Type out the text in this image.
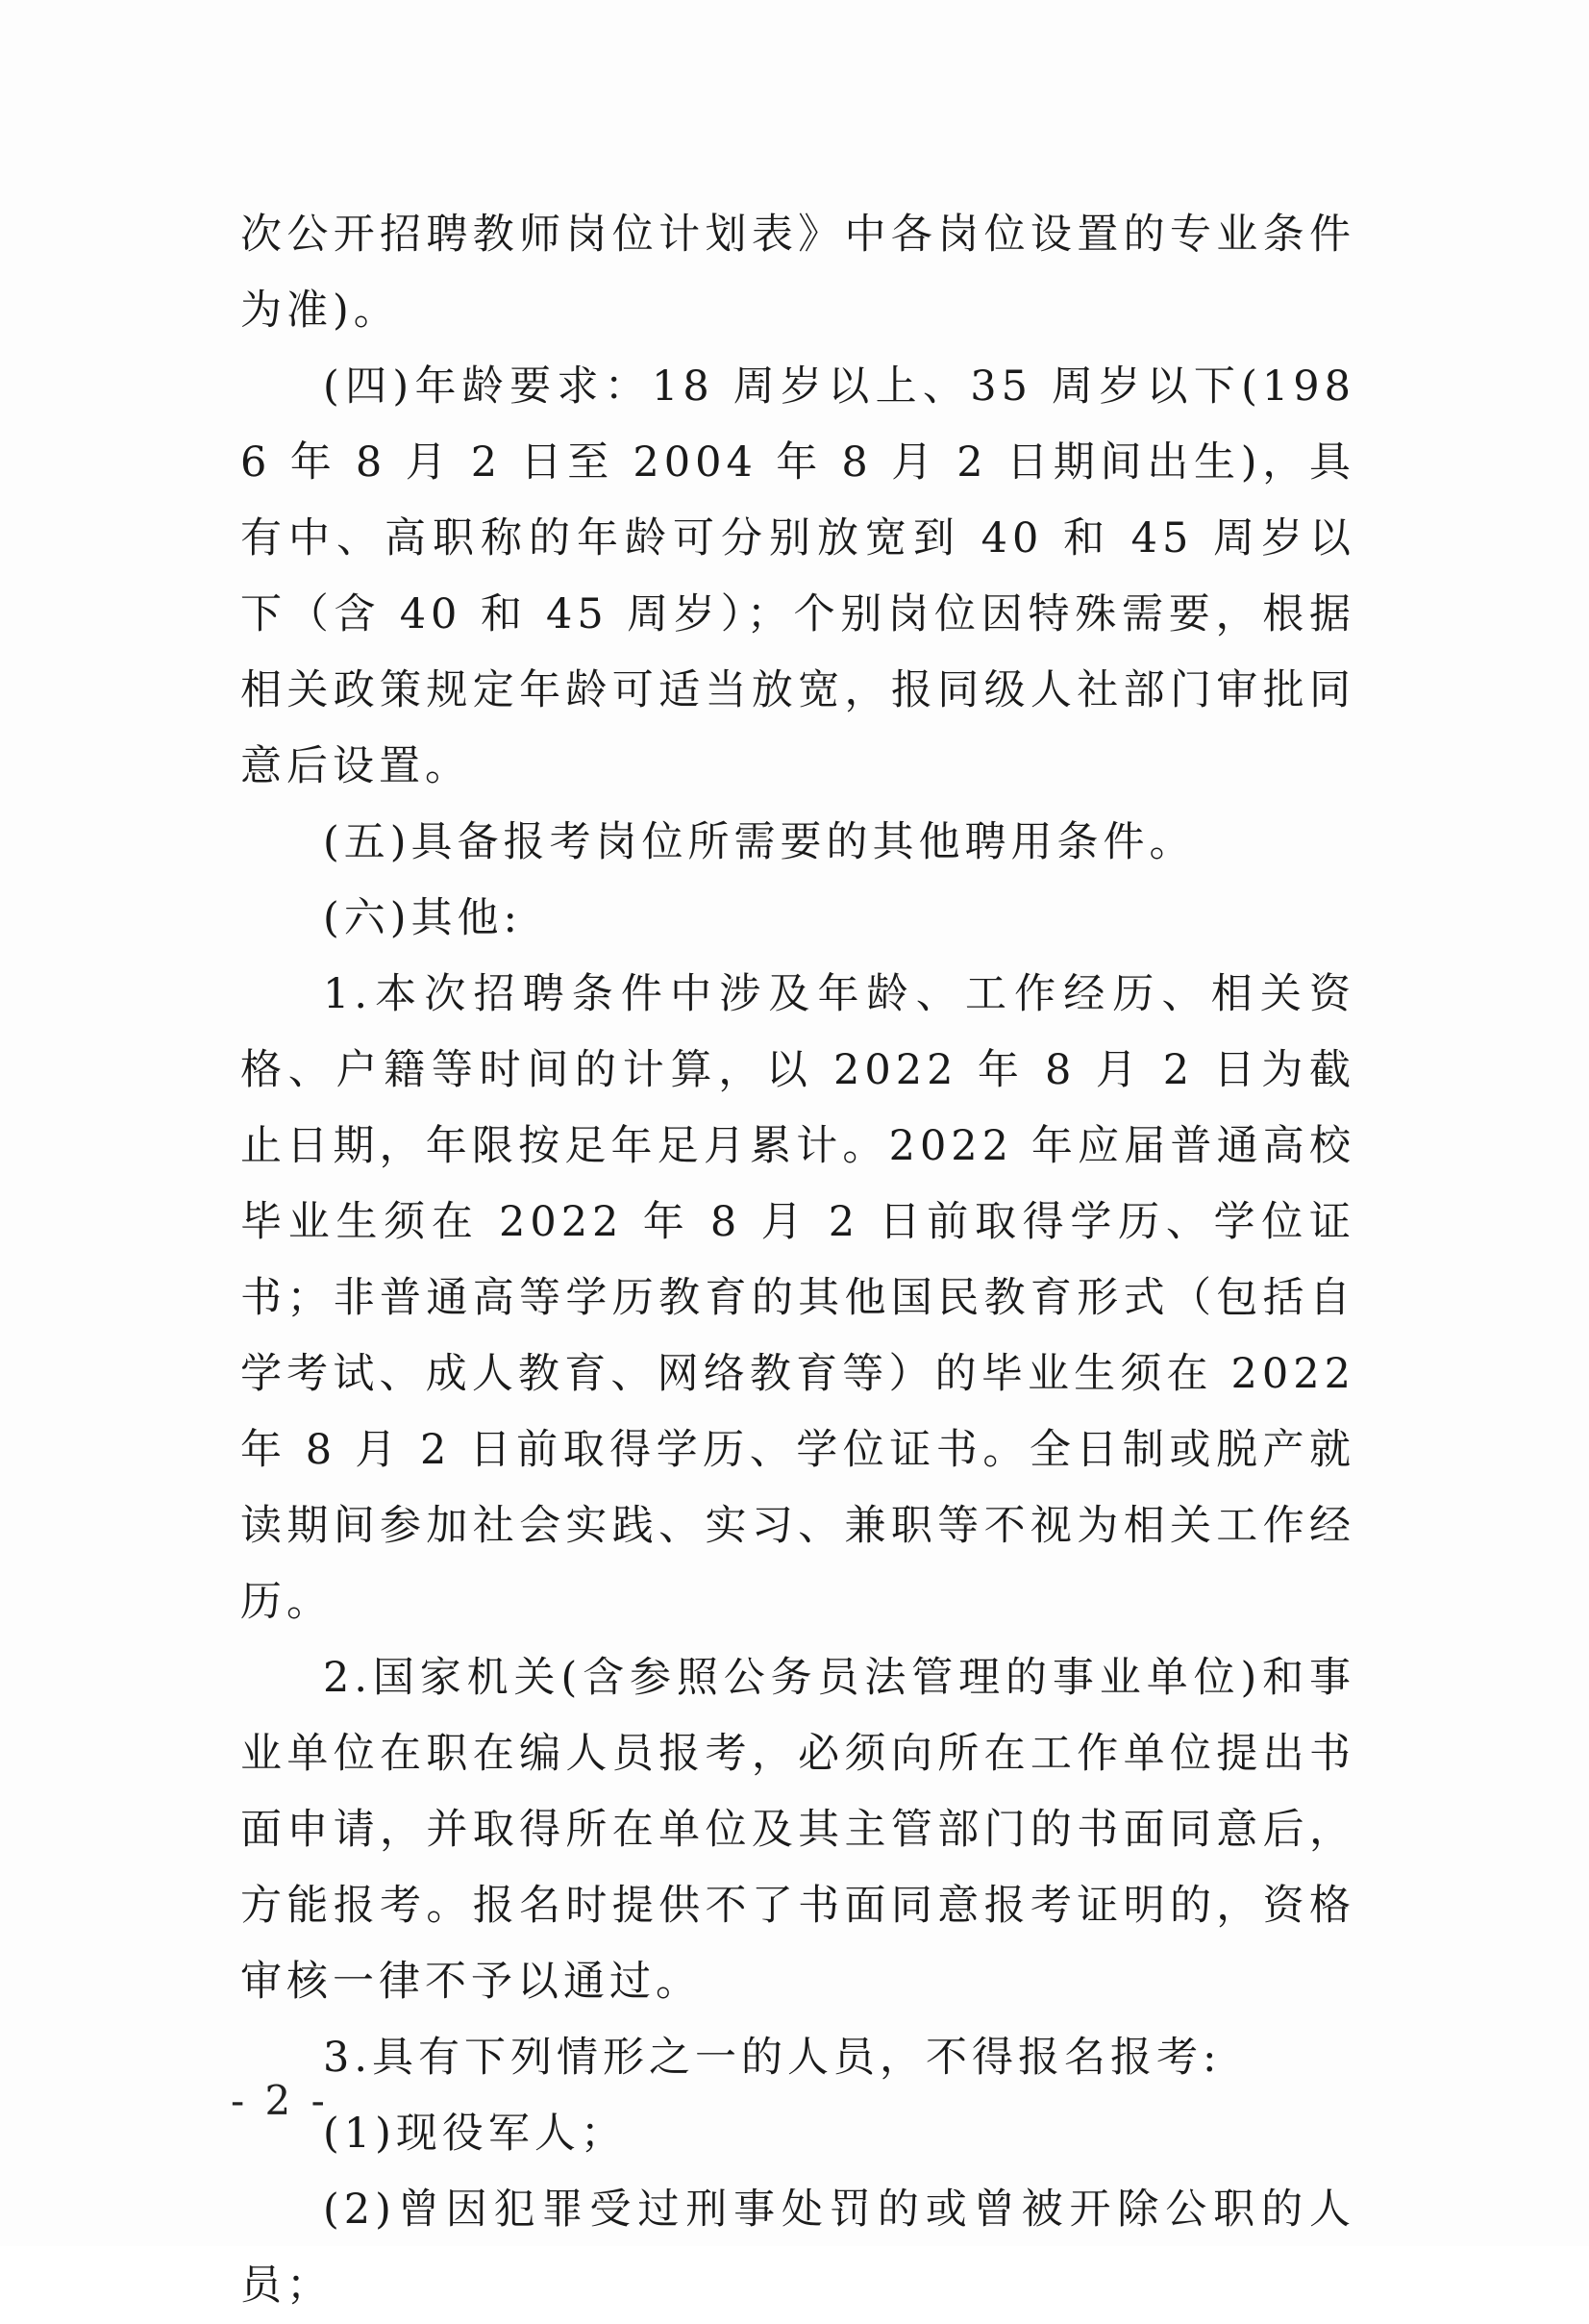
次公开招聘教师岗位计划表》中各岗位设置的专业条件为准)。

(四)年龄要求：18 周岁以上、35 周岁以下(1986 年 8 月 2 日至 2004 年 8 月 2 日期间出生)，具有中、高职称的年龄可分别放宽到 40 和 45 周岁以下（含 40 和 45 周岁）；个别岗位因特殊需要，根据相关政策规定年龄可适当放宽，报同级人社部门审批同意后设置。

(五)具备报考岗位所需要的其他聘用条件。

(六)其他:

1.本次招聘条件中涉及年龄、工作经历、相关资格、户籍等时间的计算，以 2022 年 8 月 2 日为截止日期，年限按足年足月累计。2022 年应届普通高校毕业生须在 2022 年 8 月 2 日前取得学历、学位证书；非普通高等学历教育的其他国民教育形式（包括自学考试、成人教育、网络教育等）的毕业生须在 2022 年 8 月 2 日前取得学历、学位证书。全日制或脱产就读期间参加社会实践、实习、兼职等不视为相关工作经历。

2.国家机关(含参照公务员法管理的事业单位)和事业单位在职在编人员报考，必须向所在工作单位提出书面申请，并取得所在单位及其主管部门的书面同意后，方能报考。报名时提供不了书面同意报考证明的，资格审核一律不予以通过。

3.具有下列情形之一的人员，不得报名报考:

(1)现役军人；

(2)曾因犯罪受过刑事处罚的或曾被开除公职的人员；

- 2 -
